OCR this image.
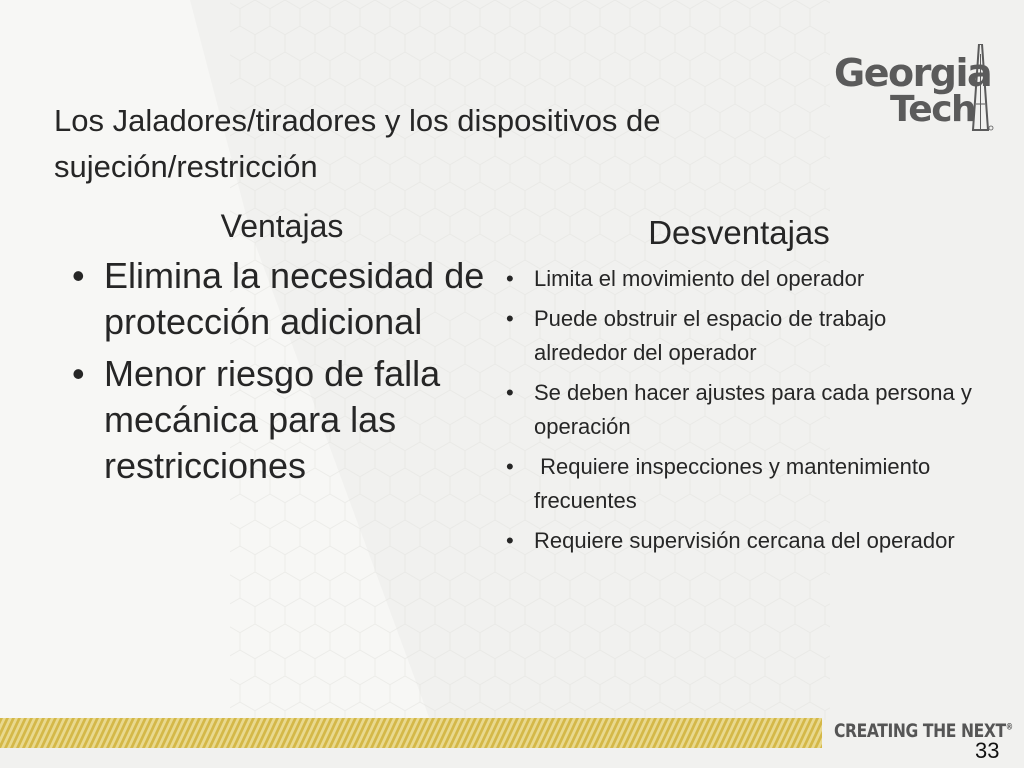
Georgia
Tech
Los Jaladores/tiradores y los dispositivos de sujeción/restricción
Ventajas
• Elimina la necesidad de protección adicional
• Menor riesgo de falla mecánica para las restricciones
Desventajas
• Limita el movimiento del operador
• Puede obstruir el espacio de trabajo alrededor del operador
• Se deben hacer ajustes para cada persona y operación
• Requiere inspecciones y mantenimiento frecuentes
• Requiere supervisión cercana del operador
CREATING THE NEXT®
33
